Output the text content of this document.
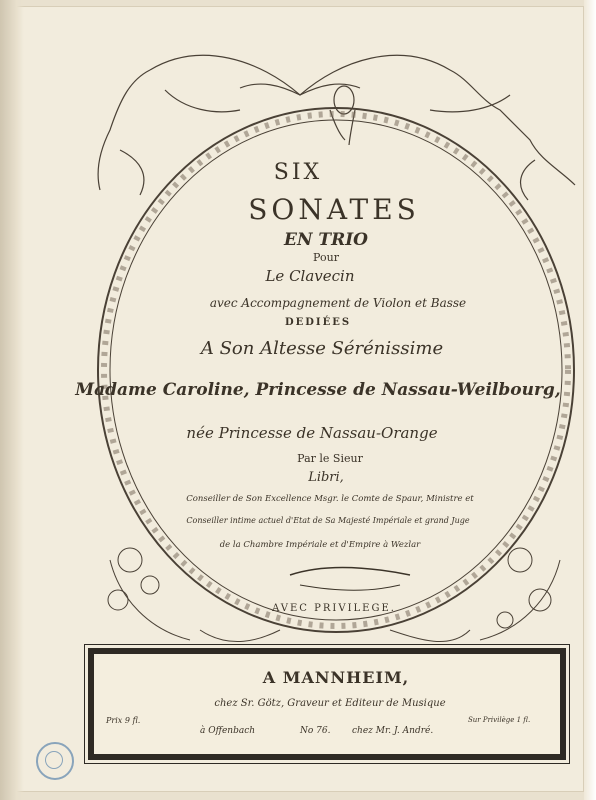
SIX
SONATES
EN TRIO
Pour
Le Clavecin
avec Accompagnement de Violon et Basse
DEDIÉES
A Son Altesse Sérénissime
Madame Caroline, Princesse de Nassau-Weilbourg,
née Princesse de Nassau-Orange
Par le Sieur
Libri,
Conseiller de Son Excellence Msgr. le Comte de Spaur, Ministre et
Conseiller intime actuel d'Etat de Sa Majesté Impériale et grand Juge
de la Chambre Impériale et d'Empire à Wezlar
AVEC PRIVILEGE.
A MANNHEIM,
chez Sr. Götz, Graveur et Editeur de Musique
Prix 9 fl.
à Offenbach	No 76. chez Mr. J. André.
Sur Privilège 1 fl.
